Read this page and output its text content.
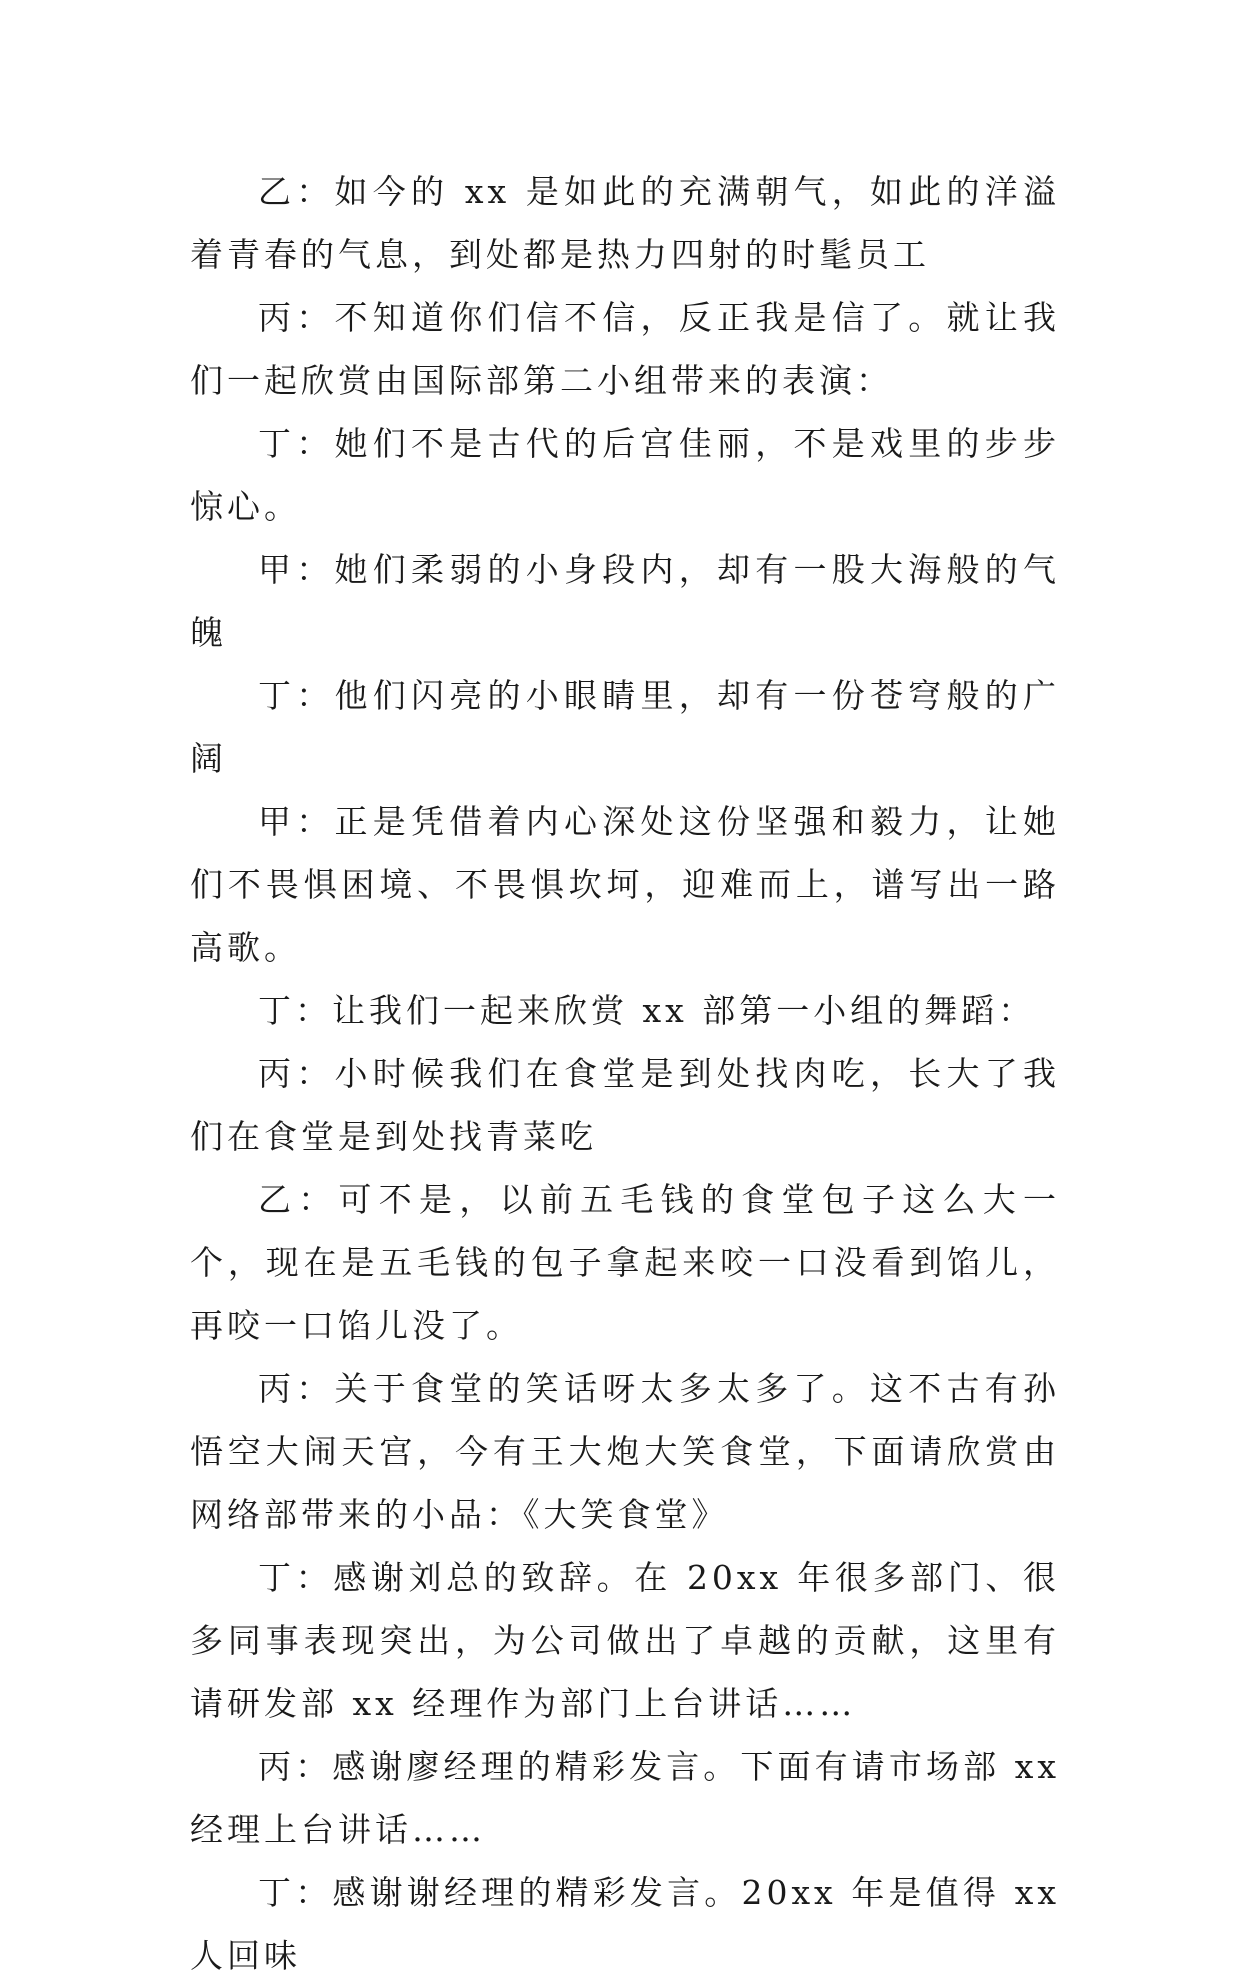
乙：如今的 xx 是如此的充满朝气，如此的洋溢着青春的气息，到处都是热力四射的时髦员工

丙：不知道你们信不信，反正我是信了。就让我们一起欣赏由国际部第二小组带来的表演：

丁：她们不是古代的后宫佳丽，不是戏里的步步惊心。

甲：她们柔弱的小身段内，却有一股大海般的气魄

丁：他们闪亮的小眼睛里，却有一份苍穹般的广阔

甲：正是凭借着内心深处这份坚强和毅力，让她们不畏惧困境、不畏惧坎坷，迎难而上，谱写出一路高歌。

丁：让我们一起来欣赏 xx 部第一小组的舞蹈：

丙：小时候我们在食堂是到处找肉吃，长大了我们在食堂是到处找青菜吃

乙：可不是，以前五毛钱的食堂包子这么大一个，现在是五毛钱的包子拿起来咬一口没看到馅儿，再咬一口馅儿没了。

丙：关于食堂的笑话呀太多太多了。这不古有孙悟空大闹天宫，今有王大炮大笑食堂，下面请欣赏由网络部带来的小品：《大笑食堂》

丁：感谢刘总的致辞。在 20xx 年很多部门、很多同事表现突出，为公司做出了卓越的贡献，这里有请研发部 xx 经理作为部门上台讲话……

丙：感谢廖经理的精彩发言。下面有请市场部 xx 经理上台讲话……

丁：感谢谢经理的精彩发言。20xx 年是值得 xx 人回味
